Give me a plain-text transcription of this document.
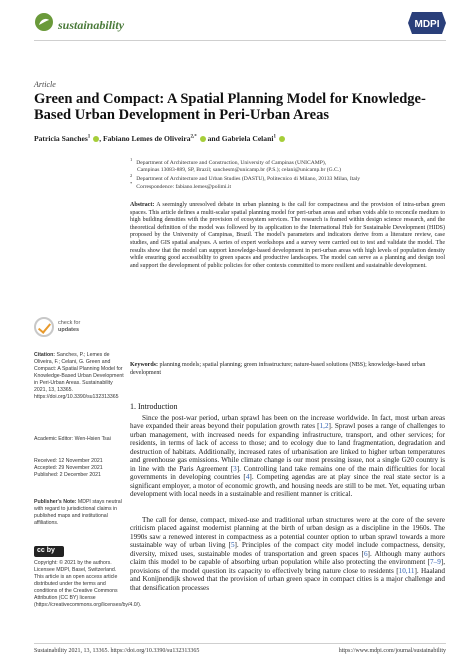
sustainability	MDPI
Article
Green and Compact: A Spatial Planning Model for Knowledge-Based Urban Development in Peri-Urban Areas
Patricia Sanches$^1$ , Fabiano Lemes de Oliveira$^{2,*}$  and Gabriela Celani$^1$
$^1$Department of Architecture and Construction, University of Campinas (UNICAMP),
Campinas 13083-889, SP, Brazil; sanchesm@unicamp.br (P.S.); celani@unicamp.br (G.C.)
$^2$Department of Architecture and Urban Studies (DASTU), Politecnico di Milano, 20133 Milan, Italy
*Correspondence: fabiano.lemes@polimi.it
Abstract: A seemingly unresolved debate in urban planning is the call for compactness and the provision of intra-urban green spaces. This article defines a multi-scalar spatial planning model for peri-urban areas and urban voids able to reconcile medium to high building densities with the provision of ecosystem services. The research is framed within design science research, and the theoretical definition of the model was followed by its application to the International Hub for Sustainable Development (HIDS) proposed by the University of Campinas, Brazil. The model's parameters and indicators derive from a literature review, case studies, and GIS spatial analyses. A series of expert workshops and a survey were carried out to test and validate the model. The results show that the model can support knowledge-based development in peri-urban areas with high levels of population density while ensuring good accessibility to green spaces and productive landscapes. The model can serve as a planning and design tool and support the development of public policies for other contexts committed to more resilient and sustainable development.
Keywords: planning models; spatial planning; green infrastructure; nature-based solutions (NBS); knowledge-based urban development
check for
updates
Citation: Sanches, P.; Lemes de Oliveira, F.; Celani, G. Green and Compact: A Spatial Planning Model for Knowledge-Based Urban Development in Peri-Urban Areas. Sustainability 2021, 13, 13365. https://doi.org/10.3390/su132313365
Academic Editor: Wen-Hsien Tsai
Received: 12 November 2021
Accepted: 29 November 2021
Published: 2 December 2021
Publisher's Note: MDPI stays neutral with regard to jurisdictional claims in published maps and institutional affiliations.
cc by
Copyright: © 2021 by the authors. Licensee MDPI, Basel, Switzerland. This article is an open access article distributed under the terms and conditions of the Creative Commons Attribution (CC BY) license (https://creativecommons.org/licenses/by/4.0/).
1. Introduction
Since the post-war period, urban sprawl has been on the increase worldwide. In fact, most urban areas have expanded their areas beyond their population growth rates [1,2]. Sprawl poses a range of challenges to urban management, with increased needs for expanding infrastructure, transport, and other services; for residents, in terms of lack of access to those; and to ecology due to land fragmentation, degradation and destruction of habitats. Additionally, increased rates of urbanisation are linked to higher urban temperatures and greenhouse gas emissions. While climate change is our most pressing issue, not a single G20 country is in line with the Paris Agreement [3]. Controlling land take remains one of the main difficulties for local governments in developing countries [4]. Competing agendas are at play since the real state sector is a significant employer, a motor of economic growth, and housing needs are still to be met. Yet, equating urban development with local needs in a sustainable and resilient manner is critical.
The call for dense, compact, mixed-use and traditional urban structures were at the core of the severe criticism placed against modernist planning at the birth of urban design as a discipline in the 1960s. The 1990s saw a renewed interest in compactness as a potential counter option to urban sprawl towards a more sustainable way of urban living [5]. Principles of the compact city model include compactness, density, diversity, mixed uses, sustainable modes of transportation and green spaces [6]. Although many authors claim this model to be capable of absorbing urban population while also protecting the environment [7–9], provisions of the model question its capacity to effectively bring nature close to residents [10,11]. Haaland and Konijnendijk showed that the provision of urban green space in compact cities is a major challenge and that densification processes
Sustainability 2021, 13, 13365. https://doi.org/10.3390/su132313365	https://www.mdpi.com/journal/sustainability
